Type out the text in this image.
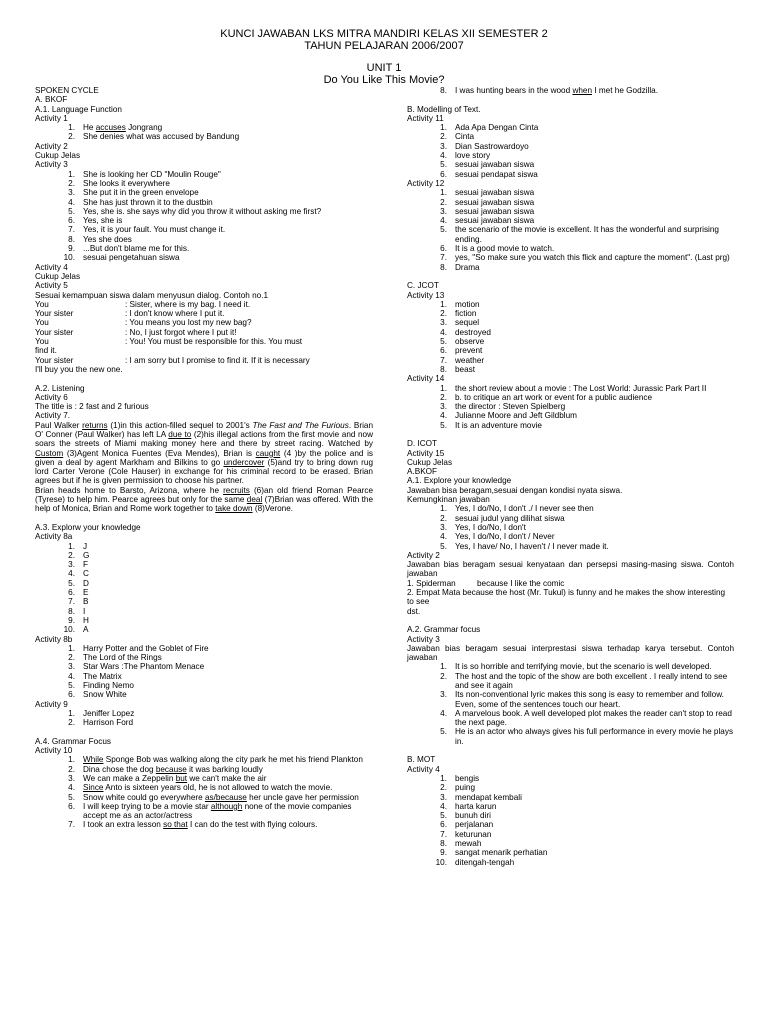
KUNCI JAWABAN LKS MITRA MANDIRI KELAS XII SEMESTER 2
TAHUN PELAJARAN 2006/2007
UNIT 1
Do You Like This Movie?
SPOKEN CYCLE
A. BKOF
A.1. Language Function
Activity 1
1. He accuses Jongrang
2. She denies what was accused by Bandung
Activity 2
Cukup Jelas
Activity 3
1. She is looking her CD "Moulin Rouge"
2. She looks it everywhere
3. She put it in the green envelope
4. She has just thrown it to the dustbin
5. Yes, she is. she says why did you throw it without asking me first?
6. Yes, she is
7. Yes, it is your fault. You must change it.
8. Yes she does
9. ...But don't blame me for this.
10. sesuai pengetahuan siswa
Activity 4
Cukup Jelas
Activity 5
Sesuai kemampuan siswa dalam menyusun dialog. Contoh no.1
You	: Sister, where is my bag. I need it.
Your sister	: I don't know where I put it.
You	: You means you lost my new bag?
Your sister	: No, I just forgot where I put it!
You	: You! You must be responsible for this. You must
find it.
Your sister	: I am sorry but I promise to find it. If it is necessary
I'll buy you the new one.
A.2. Listening
Activity 6
The title is : 2 fast and 2 furious
Activity 7.
Paul Walker returns (1)in this action-filled sequel to 2001's The Fast and The Furious. Brian O' Conner (Paul Walker) has left LA due to (2)his illegal actions from the first movie and now soars the streets of Miami making money here and there by street racing. Watched by Custom (3)Agent Monica Fuentes (Eva Mendes), Brian is caught (4 )by the police and is given a deal by agent Markham and Bilkins to go undercover (5)and try to bring down rug lord Carter Verone (Cole Hauser) in exchange for his criminal record to be erased. Brian agrees but if he is given permission to choose his partner.
Brian heads home to Barsto, Arizona, where he recruits (6)an old friend Roman Pearce (Tyrese) to help him. Pearce agrees but only for the same deal (7)Brian was offered. With the help of Monica, Brian and Rome work together to take down (8)Verone.
A.3. Explorw your knowledge
Activity 8a
1. J
2. G
3. F
4. C
5. D
6. E
7. B
8. I
9. H
10. A
Activity 8b
1. Harry Potter and the Goblet of Fire
2. The Lord of the Rings
3. Star Wars :The Phantom Menace
4. The Matrix
5. Finding Nemo
6. Snow White
Activity 9
1. Jeniffer Lopez
2. Harrison Ford
A.4. Grammar Focus
Activity 10
1. While Sponge Bob was walking along the city park he met his friend Plankton
2. Dina chose the dog because it was barking loudly
3. We can make a Zeppelin but we can't make the air
4. Since Anto is sixteen years old, he is not allowed to watch the movie.
5. Snow white could go everywhere as/because her uncle gave her permission
6. I will keep trying to be a movie star although none of the movie companies accept me as an actor/actress
7. I took an extra lesson so that I can do the test with flying colours.
8. I was hunting bears in the wood when I met he Godzilla.
B. Modelling of Text.
Activity 11
1. Ada Apa Dengan Cinta
2. Cinta
3. Dian Sastrowardoyo
4. love story
5. sesuai jawaban siswa
6. sesuai pendapat siswa
Activity 12
1. sesuai jawaban siswa
2. sesuai jawaban siswa
3. sesuai jawaban siswa
4. sesuai jawaban siswa
5. the scenario of the movie is excellent. It has the wonderful and surprising ending.
6. It is a good movie to watch.
7. yes, "So make sure you watch this flick and capture the moment". (Last prg)
8. Drama
C. JCOT
Activity 13
1. motion
2. fiction
3. sequel
4. destroyed
5. observe
6. prevent
7. weather
8. beast
Activity 14
1. the short review about a movie : The Lost World: Jurassic Park Part II
2. b. to critique an art work or event for a public audience
3. the director : Steven Spielberg
4. Julianne Moore and Jeft Gildblum
5. It is an adventure movie
D. ICOT
Activity 15
Cukup Jelas
A.BKOF
A.1. Explore your knowledge
Jawaban bisa beragam,sesuai dengan kondisi nyata siswa.
Kemungkinan jawaban
1. Yes, I do/No, I don't ./ I never see then
2. sesuai judul yang dilihat siswa
3. Yes, I do/No, I don't
4. Yes, I do/No, I don't / Never
5. Yes, I have/ No, I haven't / I never made it.
Activity 2
Jawaban bias beragam sesuai kenyataan dan persepsi masing-masing siswa. Contoh jawaban
1. Spiderman	because I like the comic
2. Empat Mata because the host (Mr. Tukul) is funny and he makes the show interesting to see
dst.
A.2. Grammar focus
Activity 3
Jawaban bias beragam sesuai interprestasi siswa terhadap karya tersebut. Contoh jawaban
1. It is so horrible and terrifying movie, but the scenario is well developed.
2. The host and the topic of the show are both excellent . I really intend to see and see it again
3. Its non-conventional lyric makes this song is easy to remember and follow. Even, some of the sentences touch our heart.
4. A marvelous book. A well developed plot makes the reader can't stop to read the next page.
5. He is an actor who always gives his full performance in every movie he plays in.
B. MOT
Activity 4
1. bengis
2. puing
3. mendapat kembali
4. harta karun
5. bunuh diri
6. perjalanan
7. keturunan
8. mewah
9. sangat menarik perhatian
10. ditengah-tengah
